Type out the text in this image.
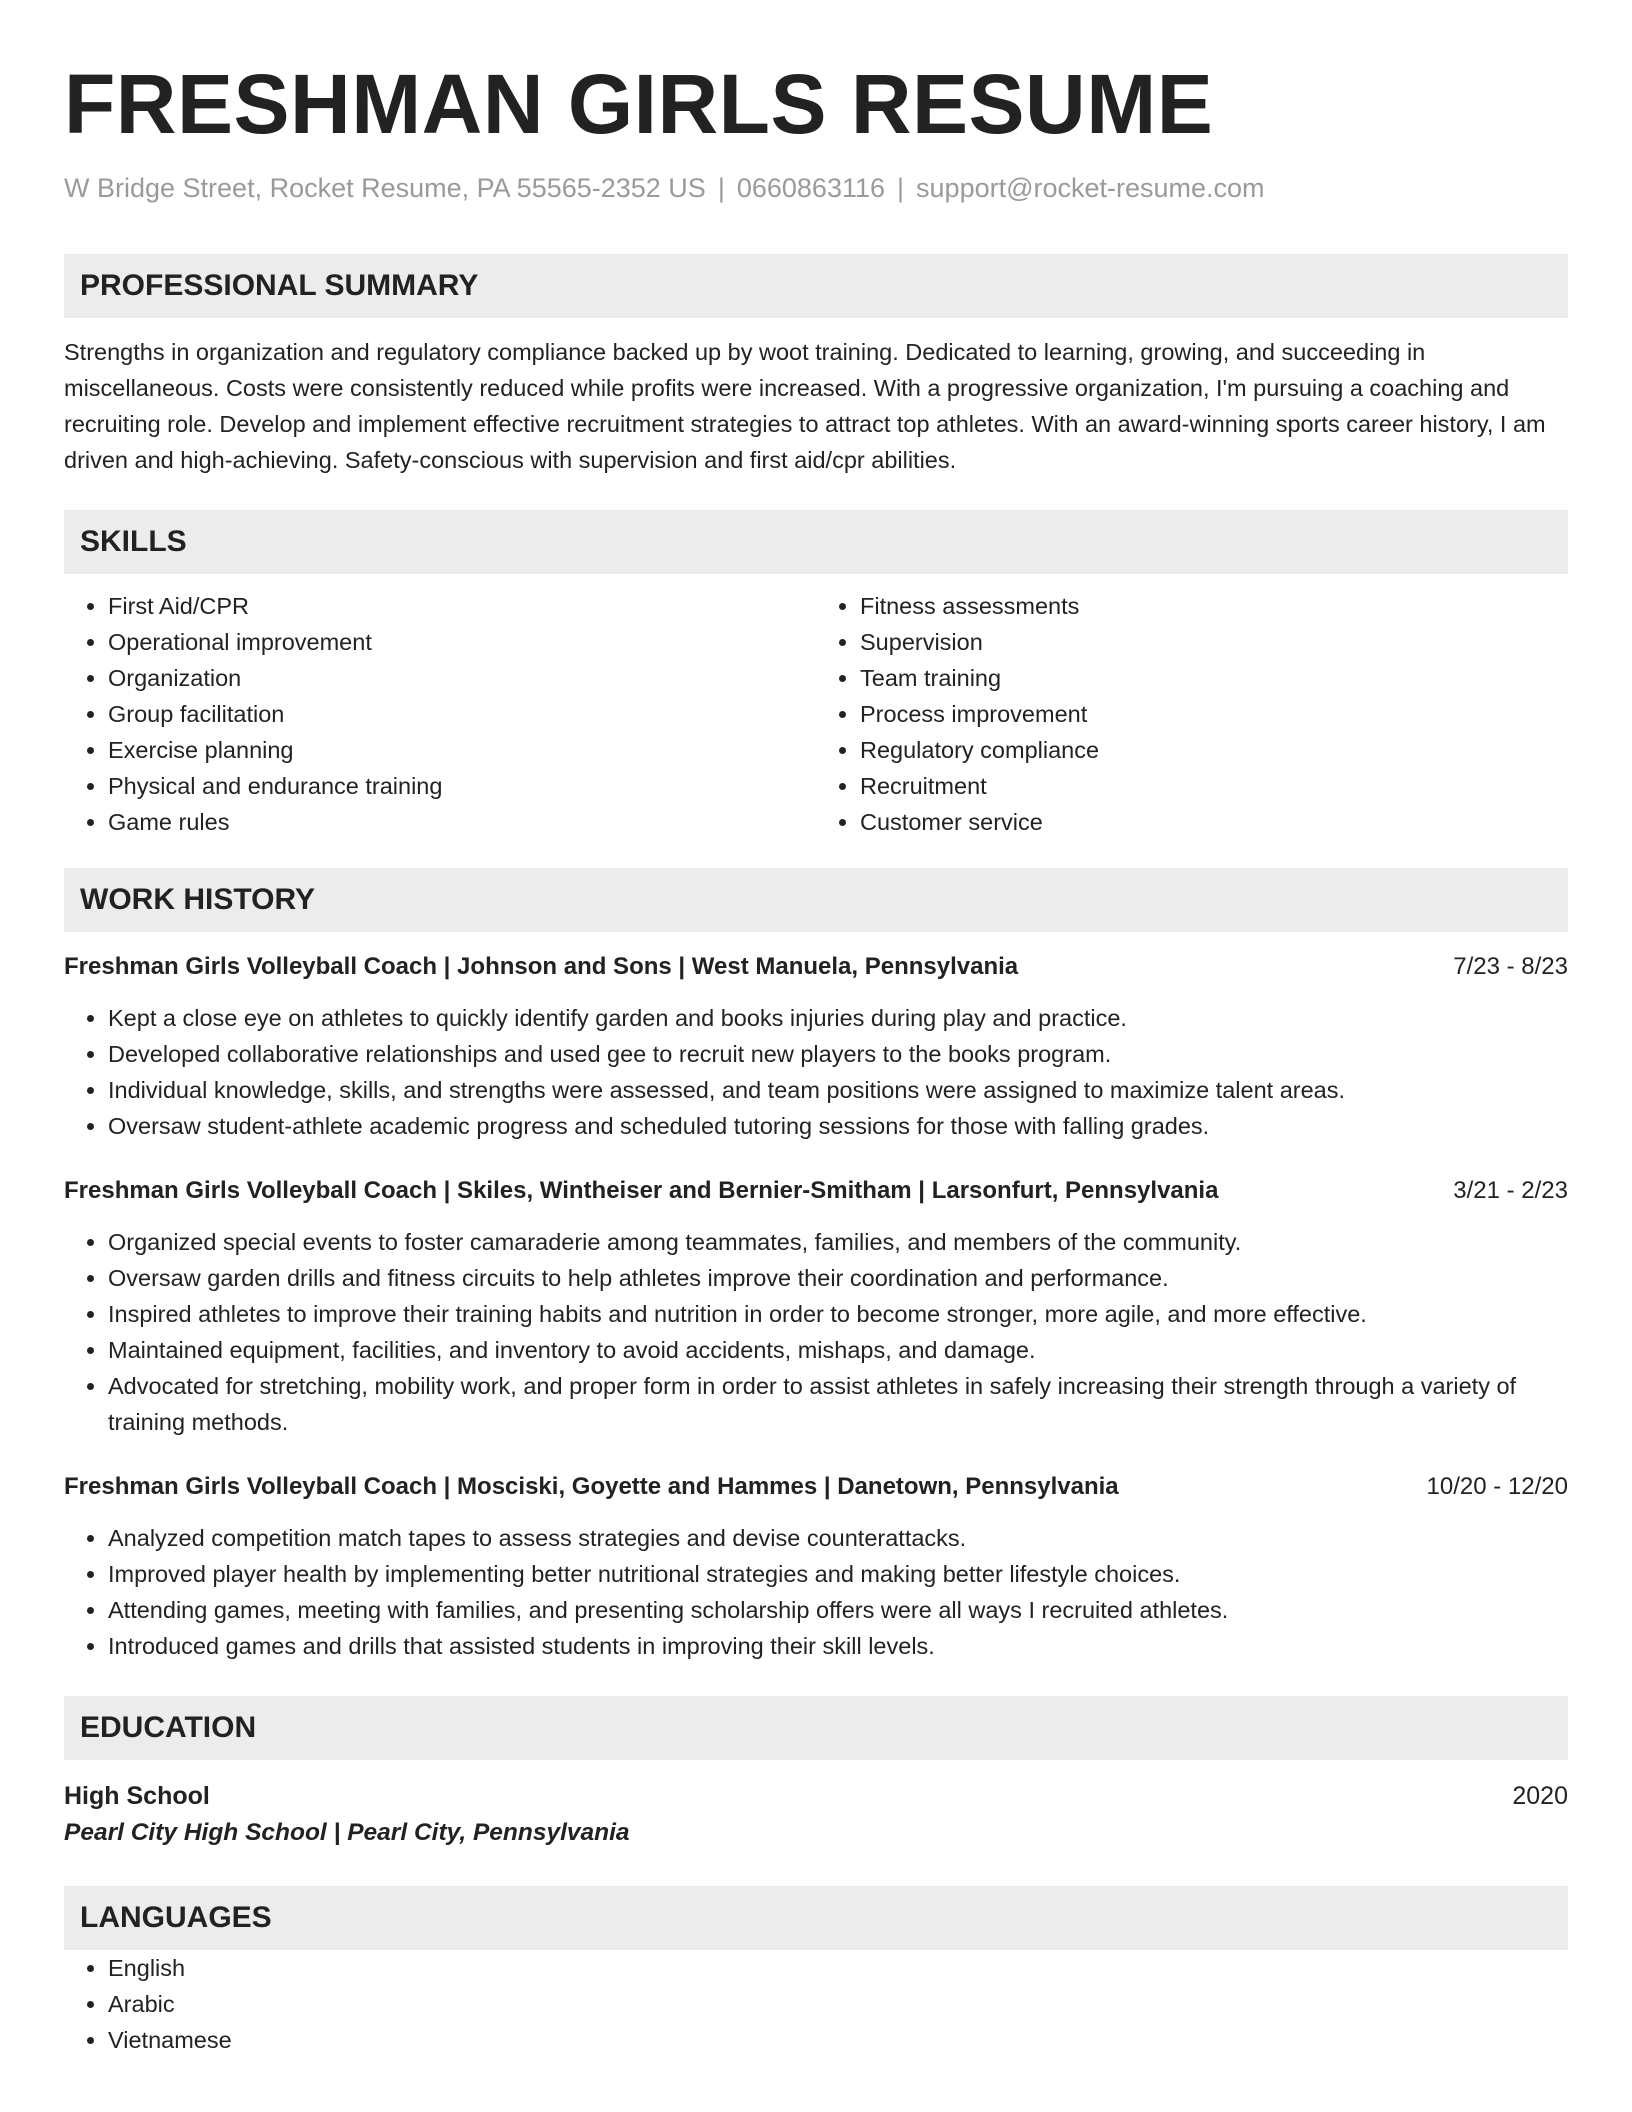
FRESHMAN GIRLS RESUME
W Bridge Street, Rocket Resume, PA 55565-2352 US | 0660863116 | support@rocket-resume.com
PROFESSIONAL SUMMARY

Strengths in organization and regulatory compliance backed up by woot training. Dedicated to learning, growing, and succeeding in miscellaneous. Costs were consistently reduced while profits were increased. With a progressive organization, I'm pursuing a coaching and recruiting role. Develop and implement effective recruitment strategies to attract top athletes. With an award-winning sports career history, I am driven and high-achieving. Safety-conscious with supervision and first aid/cpr abilities.

SKILLS
• First Aid/CPR
• Operational improvement
• Organization
• Group facilitation
• Exercise planning
• Physical and endurance training
• Game rules
• Fitness assessments
• Supervision
• Team training
• Process improvement
• Regulatory compliance
• Recruitment
• Customer service
WORK HISTORY
Freshman Girls Volleyball Coach | Johnson and Sons | West Manuela, Pennsylvania	7/23 - 8/23
• Kept a close eye on athletes to quickly identify garden and books injuries during play and practice.
• Developed collaborative relationships and used gee to recruit new players to the books program.
• Individual knowledge, skills, and strengths were assessed, and team positions were assigned to maximize talent areas.
• Oversaw student-athlete academic progress and scheduled tutoring sessions for those with falling grades.
Freshman Girls Volleyball Coach | Skiles, Wintheiser and Bernier-Smitham | Larsonfurt, Pennsylvania	3/21 - 2/23
• Organized special events to foster camaraderie among teammates, families, and members of the community.
• Oversaw garden drills and fitness circuits to help athletes improve their coordination and performance.
• Inspired athletes to improve their training habits and nutrition in order to become stronger, more agile, and more effective.
• Maintained equipment, facilities, and inventory to avoid accidents, mishaps, and damage.
• Advocated for stretching, mobility work, and proper form in order to assist athletes in safely increasing their strength through a variety of training methods.
Freshman Girls Volleyball Coach | Mosciski, Goyette and Hammes | Danetown, Pennsylvania	10/20 - 12/20
• Analyzed competition match tapes to assess strategies and devise counterattacks.
• Improved player health by implementing better nutritional strategies and making better lifestyle choices.
• Attending games, meeting with families, and presenting scholarship offers were all ways I recruited athletes.
• Introduced games and drills that assisted students in improving their skill levels.
EDUCATION
High School	2020
Pearl City High School | Pearl City, Pennsylvania
LANGUAGES
• English
• Arabic
• Vietnamese
